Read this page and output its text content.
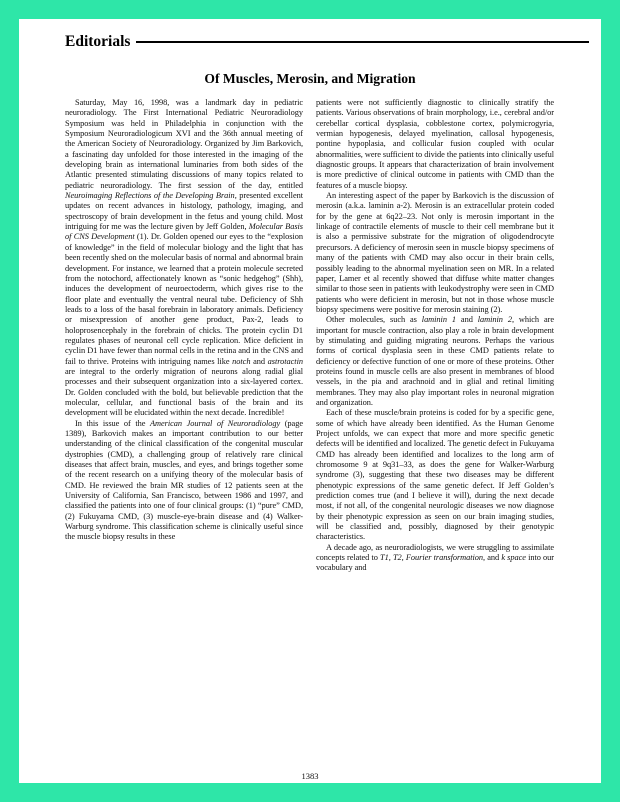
Editorials
Of Muscles, Merosin, and Migration

Saturday, May 16, 1998, was a landmark day in pediatric neuroradiology. The First International Pediatric Neuroradiology Symposium was held in Philadelphia in conjunction with the Symposium Neuroradiologicum XVI and the 36th annual meeting of the American Society of Neuroradiology. Organized by Jim Barkovich, a fascinating day unfolded for those interested in the imaging of the developing brain as international luminaries from both sides of the Atlantic presented stimulating discussions of many topics related to pediatric neuroradiology. The first session of the day, entitled Neuroimaging Reflections of the Developing Brain, presented excellent updates on recent advances in histology, pathology, imaging, and spectroscopy of brain development in the fetus and young child. Most intriguing for me was the lecture given by Jeff Golden, Molecular Basis of CNS Development (1). Dr. Golden opened our eyes to the “explosion of knowledge” in the field of molecular biology and the light that has been recently shed on the molecular basis of normal and abnormal brain development. For instance, we learned that a protein molecule secreted from the notochord, affectionately known as “sonic hedgehog” (Shh), induces the development of neuroectoderm, which gives rise to the floor plate and eventually the ventral neural tube. Deficiency of Shh leads to a loss of the basal forebrain in laboratory animals. Deficiency or misexpression of another gene product, Pax-2, leads to holoprosencephaly in the forebrain of chicks. The protein cyclin D1 regulates phases of neuronal cell cycle replication. Mice deficient in cyclin D1 have fewer than normal cells in the retina and in the CNS and fail to thrive. Proteins with intriguing names like notch and astrotactin are integral to the orderly migration of neurons along radial glial processes and their subsequent organization into a six-layered cortex. Dr. Golden concluded with the bold, but believable prediction that the molecular, cellular, and functional basis of the brain and its development will be elucidated within the next decade. Incredible!

In this issue of the American Journal of Neuroradiology (page 1389), Barkovich makes an important contribution to our better understanding of the clinical classification of the congenital muscular dystrophies (CMD), a challenging group of relatively rare clinical diseases that affect brain, muscles, and eyes, and brings together some of the recent research on a unifying theory of the molecular basis of CMD. He reviewed the brain MR studies of 12 patients seen at the University of California, San Francisco, between 1986 and 1997, and classified the patients into one of four clinical groups: (1) “pure” CMD, (2) Fukuyama CMD, (3) muscle-eye-brain disease and (4) Walker-Warburg syndrome. This classification scheme is clinically useful since the muscle biopsy results in these

patients were not sufficiently diagnostic to clinically stratify the patients. Various observations of brain morphology, i.e., cerebral and/or cerebellar cortical dysplasia, cobblestone cortex, polymicrogyria, vermian hypogenesis, delayed myelination, callosal hypogenesis, pontine hypoplasia, and collicular fusion coupled with ocular abnormalities, were sufficient to divide the patients into clinically useful diagnostic groups. It appears that characterization of brain involvement is more predictive of clinical outcome in patients with CMD than the features of a muscle biopsy.

An interesting aspect of the paper by Barkovich is the discussion of merosin (a.k.a. laminin a-2). Merosin is an extracellular protein coded for by the gene at 6q22–23. Not only is merosin important in the linkage of contractile elements of muscle to their cell membrane but it is also a permissive substrate for the migration of oligodendrocyte precursors. A deficiency of merosin seen in muscle biopsy specimens of many of the patients with CMD may also occur in their brain cells, possibly leading to the abnormal myelination seen on MR. In a related paper, Lamer et al recently showed that diffuse white matter changes similar to those seen in patients with leukodystrophy were seen in CMD patients who were deficient in merosin, but not in those whose muscle biopsy specimens were positive for merosin staining (2).

Other molecules, such as laminin 1 and laminin 2, which are important for muscle contraction, also play a role in brain development by stimulating and guiding migrating neurons. Perhaps the various forms of cortical dysplasia seen in these CMD patients relate to deficiency or defective function of one or more of these proteins. Other proteins found in muscle cells are also present in membranes of blood vessels, in the pia and arachnoid and in glial and retinal limiting membranes. They may also play important roles in neuronal migration and organization.

Each of these muscle/brain proteins is coded for by a specific gene, some of which have already been identified. As the Human Genome Project unfolds, we can expect that more and more specific genetic defects will be identified and localized. The genetic defect in Fukuyama CMD has already been identified and localizes to the long arm of chromosome 9 at 9q31–33, as does the gene for Walker-Warburg syndrome (3), suggesting that these two diseases may be different phenotypic expressions of the same genetic defect. If Jeff Golden’s prediction comes true (and I believe it will), during the next decade most, if not all, of the congenital neurologic diseases we now diagnose by their phenotypic expression as seen on our brain imaging studies, will be classified and, possibly, diagnosed by their genotypic characteristics.

A decade ago, as neuroradiologists, we were struggling to assimilate concepts related to T1, T2, Fourier transformation, and k space into our vocabulary and

1383
